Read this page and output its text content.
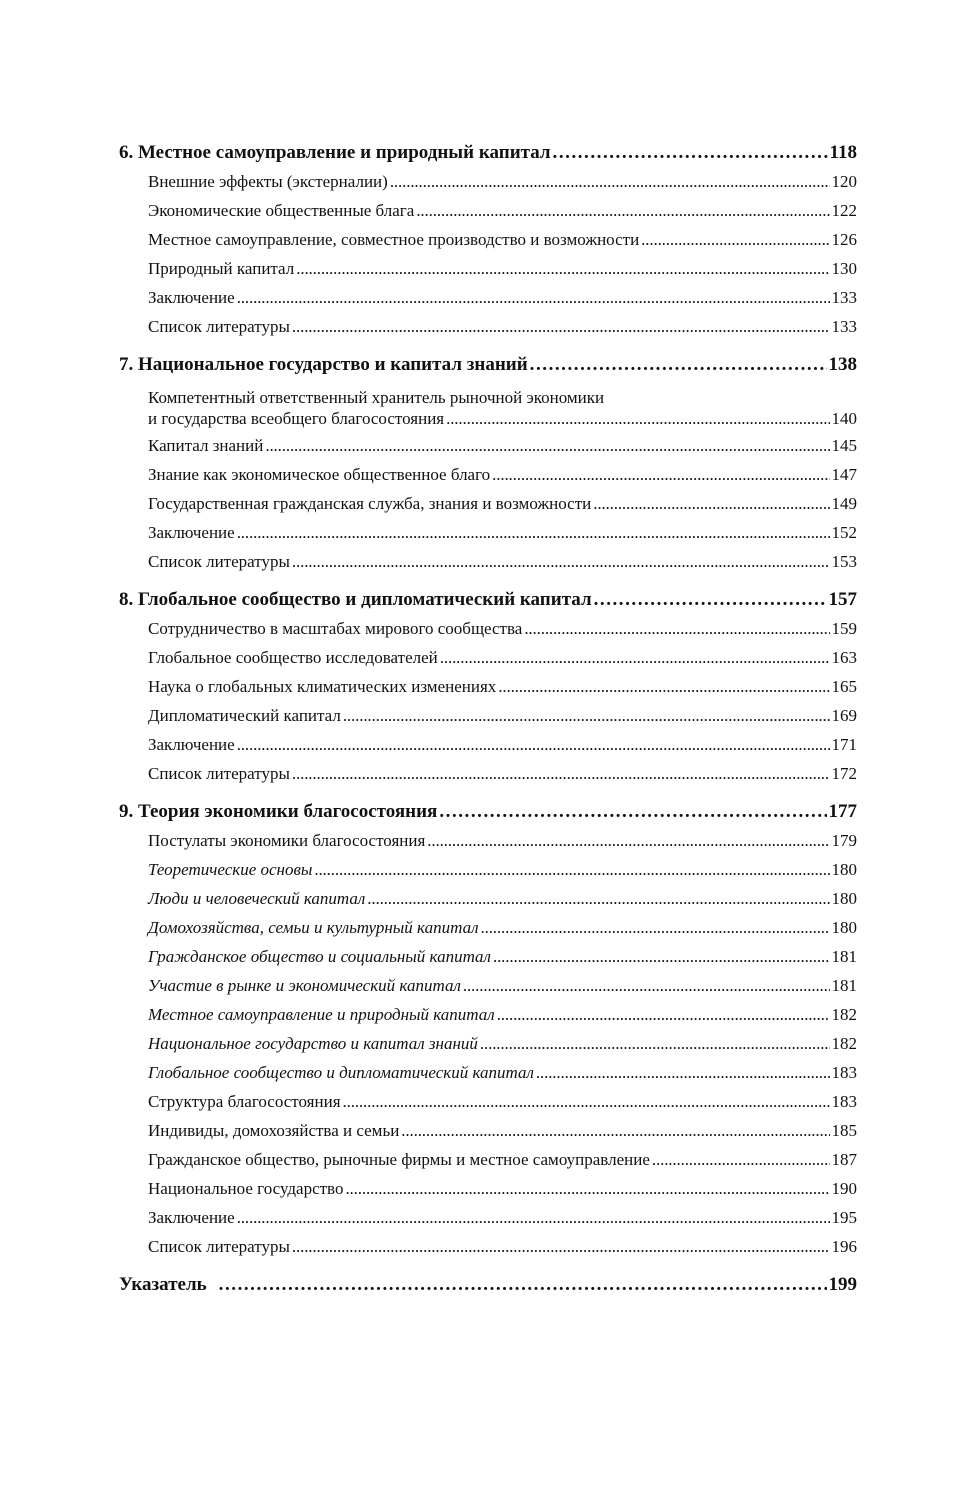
6. Местное самоуправление и природный капитал . . .	118
Внешние эффекты (экстерналии) . . .	120
Экономические общественные блага . . .	122
Местное самоуправление, совместное производство и возможности . . .	126
Природный капитал . . .	130
Заключение . . .	133
Список литературы . . .	133
7. Национальное государство и капитал знаний . . .	138
Компетентный ответственный хранитель рыночной экономики
и государства всеобщего благосостояния . . .	140
Капитал знаний . . .	145
Знание как экономическое общественное благо . . .	147
Государственная гражданская служба, знания и возможности . . .	149
Заключение . . .	152
Список литературы . . .	153
8. Глобальное сообщество и дипломатический капитал . . .	157
Сотрудничество в масштабах мирового сообщества . . .	159
Глобальное сообщество исследователей . . .	163
Наука о глобальных климатических изменениях . . .	165
Дипломатический капитал . . .	169
Заключение . . .	171
Список литературы . . .	172
9. Теория экономики благосостояния . . .	177
Постулаты экономики благосостояния . . .	179
Теоретические основы . . .	180
Люди и человеческий капитал . . .	180
Домохозяйства, семьи и культурный капитал . . .	180
Гражданское общество и социальный капитал . . .	181
Участие в рынке и экономический капитал . . .	181
Местное самоуправление и природный капитал . . .	182
Национальное государство и капитал знаний . . .	182
Глобальное сообщество и дипломатический капитал . . .	183
Структура благосостояния . . .	183
Индивиды, домохозяйства и семьи . . .	185
Гражданское общество, рыночные фирмы и местное самоуправление . . .	187
Национальное государство . . .	190
Заключение . . .	195
Список литературы . . .	196
Указатель . . .	199
